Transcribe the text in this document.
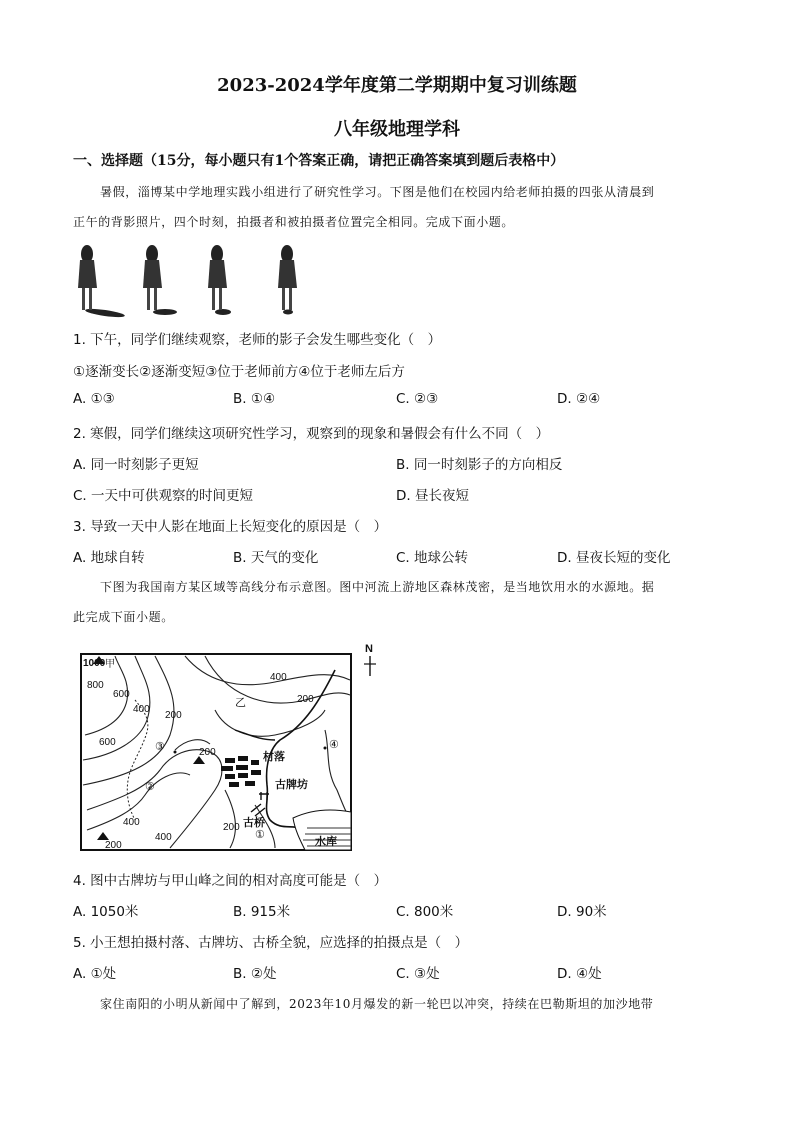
2023-2024学年度第二学期期中复习训练题
八年级地理学科
一、选择题（15分，每小题只有1个答案正确，请把正确答案填到题后表格中）
暑假，淄博某中学地理实践小组进行了研究性学习。下图是他们在校园内给老师拍摄的四张从清晨到
正午的背影照片，四个时刻，拍摄者和被拍摄者位置完全相同。完成下面小题。
1. 下午，同学们继续观察，老师的影子会发生哪些变化（　）
①逐渐变长②逐渐变短③位于老师前方④位于老师左后方
A. ①③	B. ①④	C. ②③	D. ②④
2. 寒假，同学们继续这项研究性学习，观察到的现象和暑假会有什么不同（　）
A. 同一时刻影子更短	B. 同一时刻影子的方向相反
C. 一天中可供观察的时间更短	D. 昼长夜短
3. 导致一天中人影在地面上长短变化的原因是（　）
A. 地球自转	B. 天气的变化	C. 地球公转	D. 昼夜长短的变化
下图为我国南方某区域等高线分布示意图。图中河流上游地区森林茂密，是当地饮用水的水源地。据
此完成下面小题。
1000
800
600
400
200
400
200
200
600
400	200
400
200
甲
乙
村落
古牌坊
古桥
水库
①
②
③	④
N
4. 图中古牌坊与甲山峰之间的相对高度可能是（　）
A. 1050米	B. 915米	C. 800米	D. 90米
5. 小王想拍摄村落、古牌坊、古桥全貌，应选择的拍摄点是（　）
A. ①处	B. ②处	C. ③处	D. ④处
家住南阳的小明从新闻中了解到，2023年10月爆发的新一轮巴以冲突，持续在巴勒斯坦的加沙地带
